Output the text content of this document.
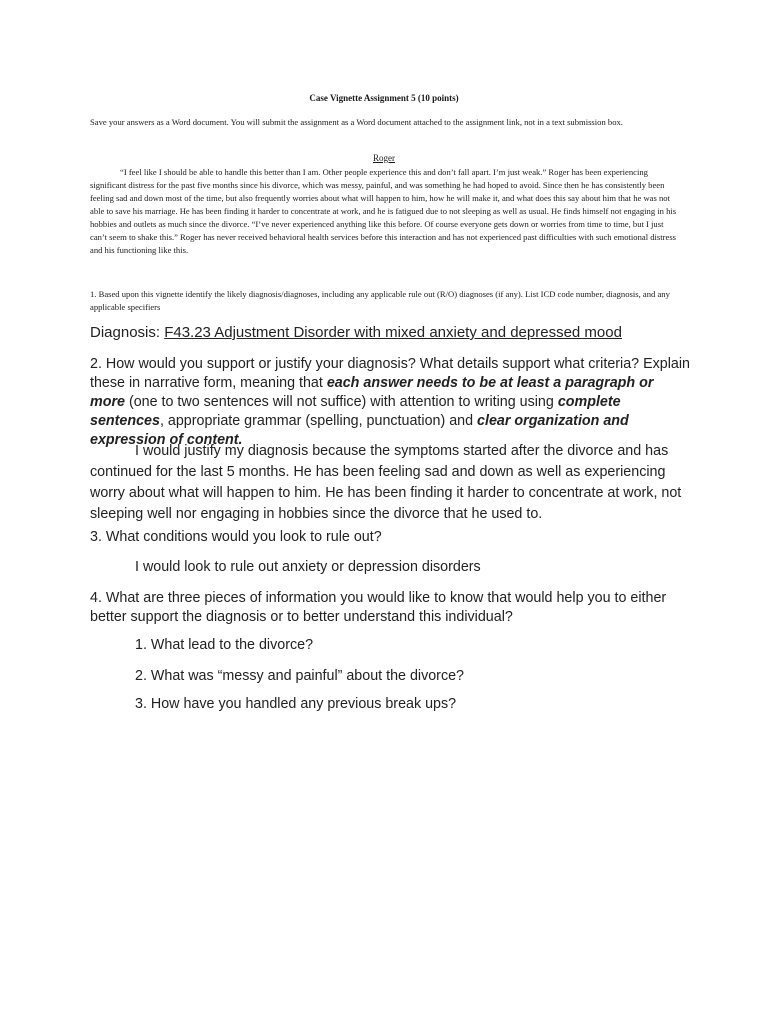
Case Vignette Assignment 5 (10 points)
Save your answers as a Word document. You will submit the assignment as a Word document attached to the assignment link, not in a text submission box.
Roger
“I feel like I should be able to handle this better than I am. Other people experience this and don’t fall apart. I’m just weak.” Roger has been experiencing significant distress for the past five months since his divorce, which was messy, painful, and was something he had hoped to avoid. Since then he has consistently been feeling sad and down most of the time, but also frequently worries about what will happen to him, how he will make it, and what does this say about him that he was not able to save his marriage. He has been finding it harder to concentrate at work, and he is fatigued due to not sleeping as well as usual. He finds himself not engaging in his hobbies and outlets as much since the divorce. “I’ve never experienced anything like this before. Of course everyone gets down or worries from time to time, but I just can’t seem to shake this.” Roger has never received behavioral health services before this interaction and has not experienced past difficulties with such emotional distress and his functioning like this.
1. Based upon this vignette identify the likely diagnosis/diagnoses, including any applicable rule out (R/O) diagnoses (if any). List ICD code number, diagnosis, and any applicable specifiers
Diagnosis: F43.23 Adjustment Disorder with mixed anxiety and depressed mood
2. How would you support or justify your diagnosis? What details support what criteria? Explain these in narrative form, meaning that each answer needs to be at least a paragraph or more (one to two sentences will not suffice) with attention to writing using complete sentences, appropriate grammar (spelling, punctuation) and clear organization and expression of content.
I would justify my diagnosis because the symptoms started after the divorce and has continued for the last 5 months. He has been feeling sad and down as well as experiencing worry about what will happen to him. He has been finding it harder to concentrate at work, not sleeping well nor engaging in hobbies since the divorce that he used to.
3. What conditions would you look to rule out?
I would look to rule out anxiety or depression disorders
4. What are three pieces of information you would like to know that would help you to either better support the diagnosis or to better understand this individual?
1. What lead to the divorce?
2. What was “messy and painful” about the divorce?
3. How have you handled any previous break ups?
